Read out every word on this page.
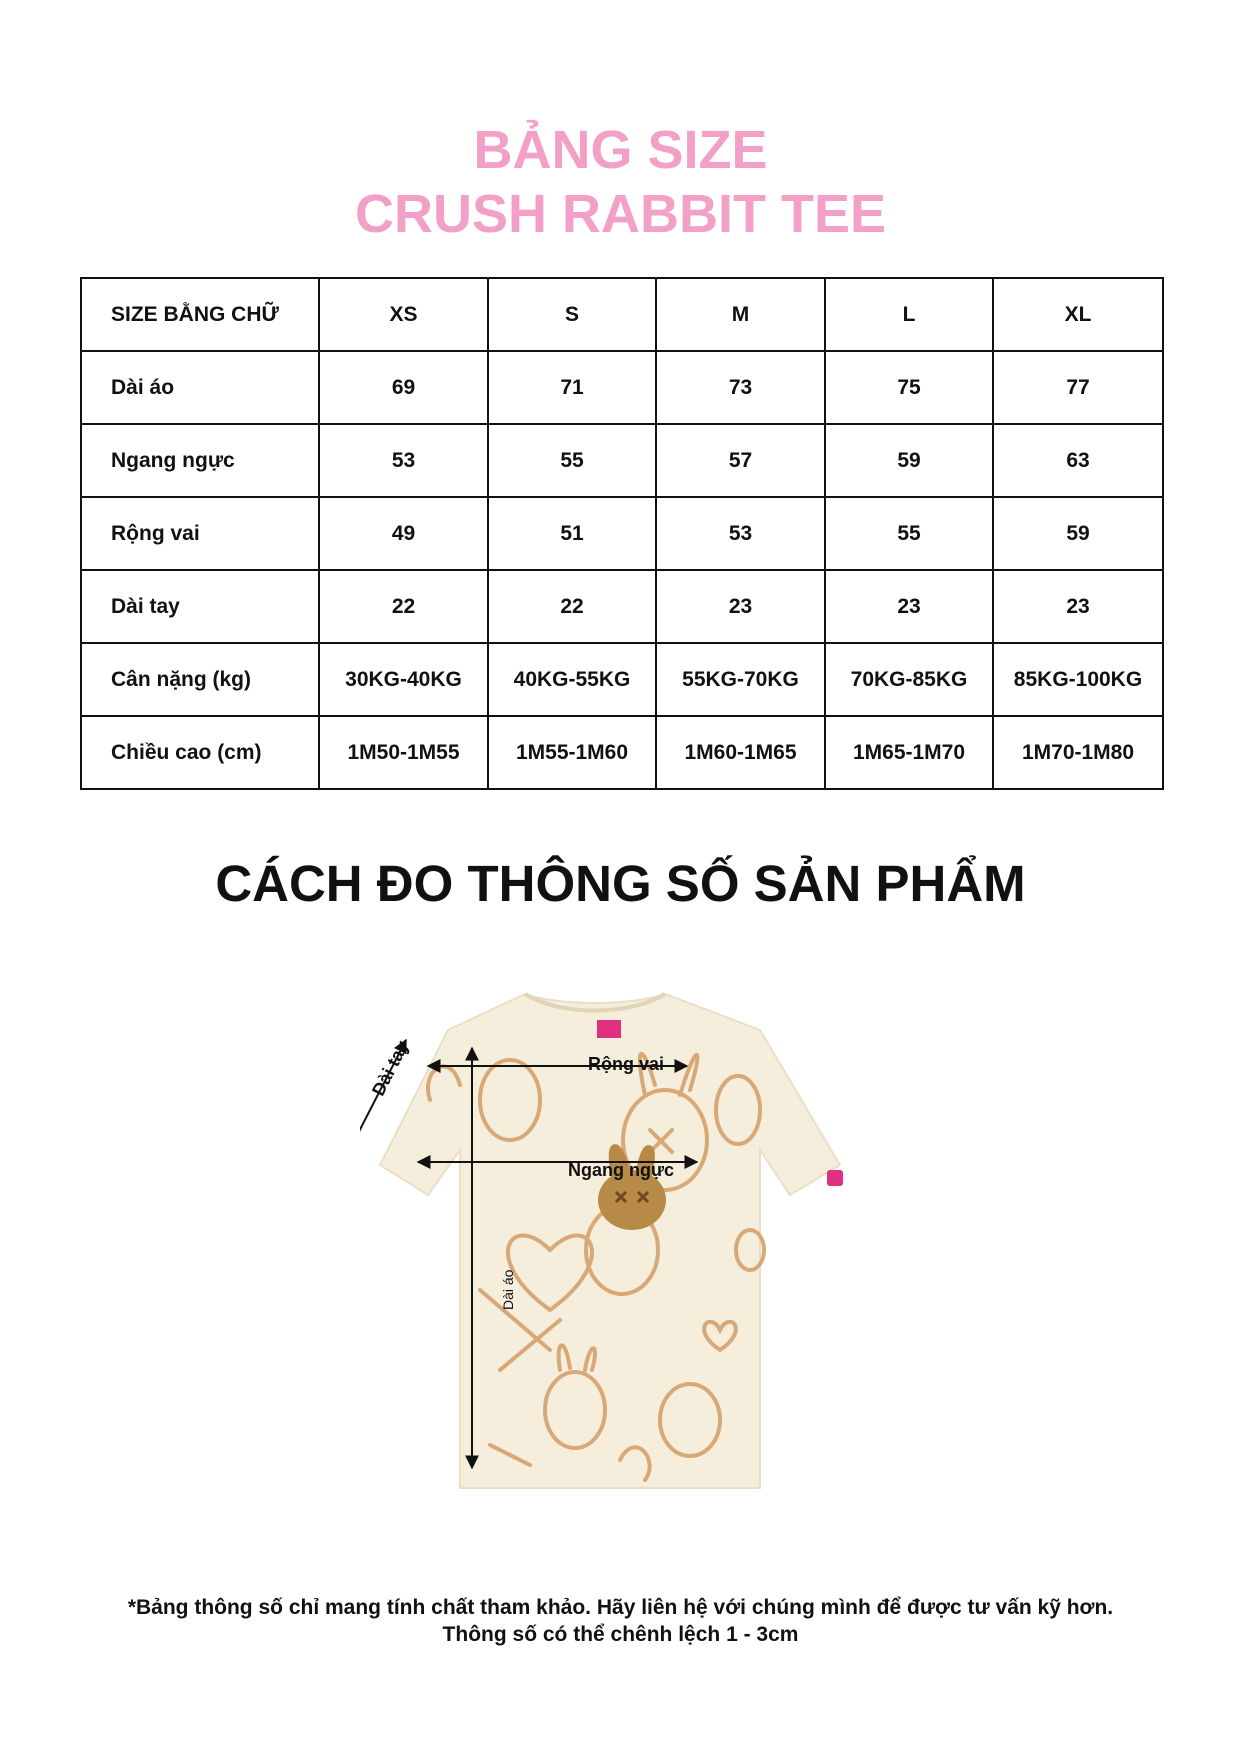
BẢNG SIZE
CRUSH RABBIT TEE
SIZE BẰNG CHỮ	XS	S	M	L	XL
Dài áo	69	71	73	75	77
Ngang ngực	53	55	57	59	63
Rộng vai	49	51	53	55	59
Dài tay	22	22	23	23	23
Cân nặng (kg)	30KG-40KG	40KG-55KG	55KG-70KG	70KG-85KG	85KG-100KG
Chiều cao (cm)	1M50-1M55	1M55-1M60	1M60-1M65	1M65-1M70	1M70-1M80
CÁCH ĐO THÔNG SỐ SẢN PHẨM
Rộng vai
Ngang ngực
Dài tay
Dài áo
*Bảng thông số chỉ mang tính chất tham khảo. Hãy liên hệ với chúng mình để được tư vấn kỹ hơn.
Thông số có thể chênh lệch 1 - 3cm
